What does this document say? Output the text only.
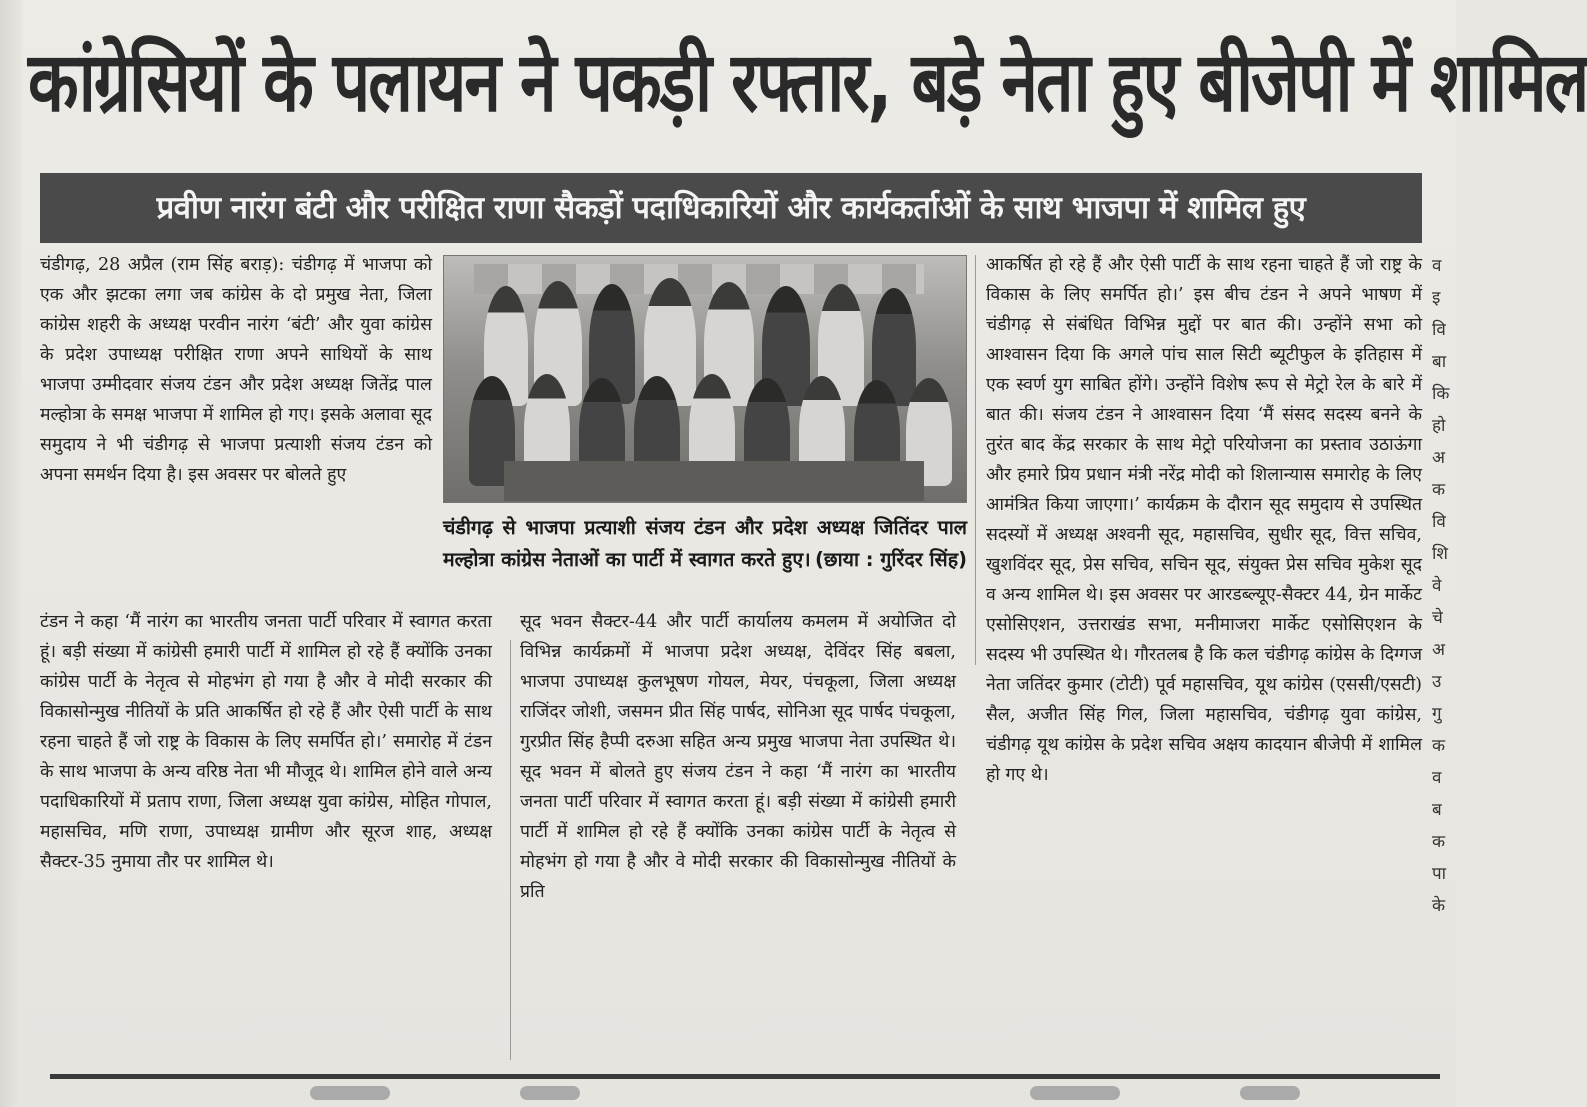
कांग्रेसियों के पलायन ने पकड़ी रफ्तार, बड़े नेता हुए बीजेपी में शामिल
प्रवीण नारंग बंटी और परीक्षित राणा सैकड़ों पदाधिकारियों और कार्यकर्ताओं के साथ भाजपा में शामिल हुए
चंडीगढ़, 28 अप्रैल (राम सिंह बराड़): चंडीगढ़ में भाजपा को एक और झटका लगा जब कांग्रेस के दो प्रमुख नेता, जिला कांग्रेस शहरी के अध्यक्ष परवीन नारंग ‘बंटी’ और युवा कांग्रेस के प्रदेश उपाध्यक्ष परीक्षित राणा अपने साथियों के साथ भाजपा उम्मीदवार संजय टंडन और प्रदेश अध्यक्ष जितेंद्र पाल मल्होत्रा के समक्ष भाजपा में शामिल हो गए। इसके अलावा सूद समुदाय ने भी चंडीगढ़ से भाजपा प्रत्याशी संजय टंडन को अपना समर्थन दिया है। इस अवसर पर बोलते हुए
चंडीगढ़ से भाजपा प्रत्याशी संजय टंडन और प्रदेश अध्यक्ष जितिंदर पाल मल्होत्रा कांग्रेस नेताओं का पार्टी में स्वागत करते हुए। (छाया : गुरिंदर सिंह)
टंडन ने कहा ‘मैं नारंग का भारतीय जनता पार्टी परिवार में स्वागत करता हूं। बड़ी संख्या में कांग्रेसी हमारी पार्टी में शामिल हो रहे हैं क्योंकि उनका कांग्रेस पार्टी के नेतृत्व से मोहभंग हो गया है और वे मोदी सरकार की विकासोन्मुख नीतियों के प्रति आकर्षित हो रहे हैं और ऐसी पार्टी के साथ रहना चाहते हैं जो राष्ट्र के विकास के लिए समर्पित हो।’ समारोह में टंडन के साथ भाजपा के अन्य वरिष्ठ नेता भी मौजूद थे। शामिल होने वाले अन्य पदाधिकारियों में प्रताप राणा, जिला अध्यक्ष युवा कांग्रेस, मोहित गोपाल, महासचिव, मणि राणा, उपाध्यक्ष ग्रामीण और सूरज शाह, अध्यक्ष सैक्टर-35 नुमाया तौर पर शामिल थे।
सूद भवन सैक्टर-44 और पार्टी कार्यालय कमलम में अयोजित दो विभिन्न कार्यक्रमों में भाजपा प्रदेश अध्यक्ष, देविंदर सिंह बबला, भाजपा उपाध्यक्ष कुलभूषण गोयल, मेयर, पंचकूला, जिला अध्यक्ष राजिंदर जोशी, जसमन प्रीत सिंह पार्षद, सोनिआ सूद पार्षद पंचकूला, गुरप्रीत सिंह हैप्पी दरुआ सहित अन्य प्रमुख भाजपा नेता उपस्थित थे। सूद भवन में बोलते हुए संजय टंडन ने कहा ‘मैं नारंग का भारतीय जनता पार्टी परिवार में स्वागत करता हूं। बड़ी संख्या में कांग्रेसी हमारी पार्टी में शामिल हो रहे हैं क्योंकि उनका कांग्रेस पार्टी के नेतृत्व से मोहभंग हो गया है और वे मोदी सरकार की विकासोन्मुख नीतियों के प्रति
आकर्षित हो रहे हैं और ऐसी पार्टी के साथ रहना चाहते हैं जो राष्ट्र के विकास के लिए समर्पित हो।’ इस बीच टंडन ने अपने भाषण में चंडीगढ़ से संबंधित विभिन्न मुद्दों पर बात की। उन्होंने सभा को आश्वासन दिया कि अगले पांच साल सिटी ब्यूटीफुल के इतिहास में एक स्वर्ण युग साबित होंगे। उन्होंने विशेष रूप से मेट्रो रेल के बारे में बात की। संजय टंडन ने आश्वासन दिया ‘मैं संसद सदस्य बनने के तुरंत बाद केंद्र सरकार के साथ मेट्रो परियोजना का प्रस्ताव उठाऊंगा और हमारे प्रिय प्रधान मंत्री नरेंद्र मोदी को शिलान्यास समारोह के लिए आमंत्रित किया जाएगा।’ कार्यक्रम के दौरान सूद समुदाय से उपस्थित सदस्यों में अध्यक्ष अश्वनी सूद, महासचिव, सुधीर सूद, वित्त सचिव, खुशविंदर सूद, प्रेस सचिव, सचिन सूद, संयुक्त प्रेस सचिव मुकेश सूद व अन्य शामिल थे। इस अवसर पर आरडब्ल्यूए-सैक्टर 44, ग्रेन मार्केट एसोसिएशन, उत्तराखंड सभा, मनीमाजरा मार्केट एसोसिएशन के सदस्य भी उपस्थित थे। गौरतलब है कि कल चंडीगढ़ कांग्रेस के दिग्गज नेता जतिंदर कुमार (टोटी) पूर्व महासचिव, यूथ कांग्रेस (एससी/एसटी) सैल, अजीत सिंह गिल, जिला महासचिव, चंडीगढ़ युवा कांग्रेस, चंडीगढ़ यूथ कांग्रेस के प्रदेश सचिव अक्षय कादयान बीजेपी में शामिल हो गए थे।
व
इ
वि
बा
कि
हो
अ
क
वि
शि
वे
चे
अ
उ
गु
क
व
ब
क
पा
के
